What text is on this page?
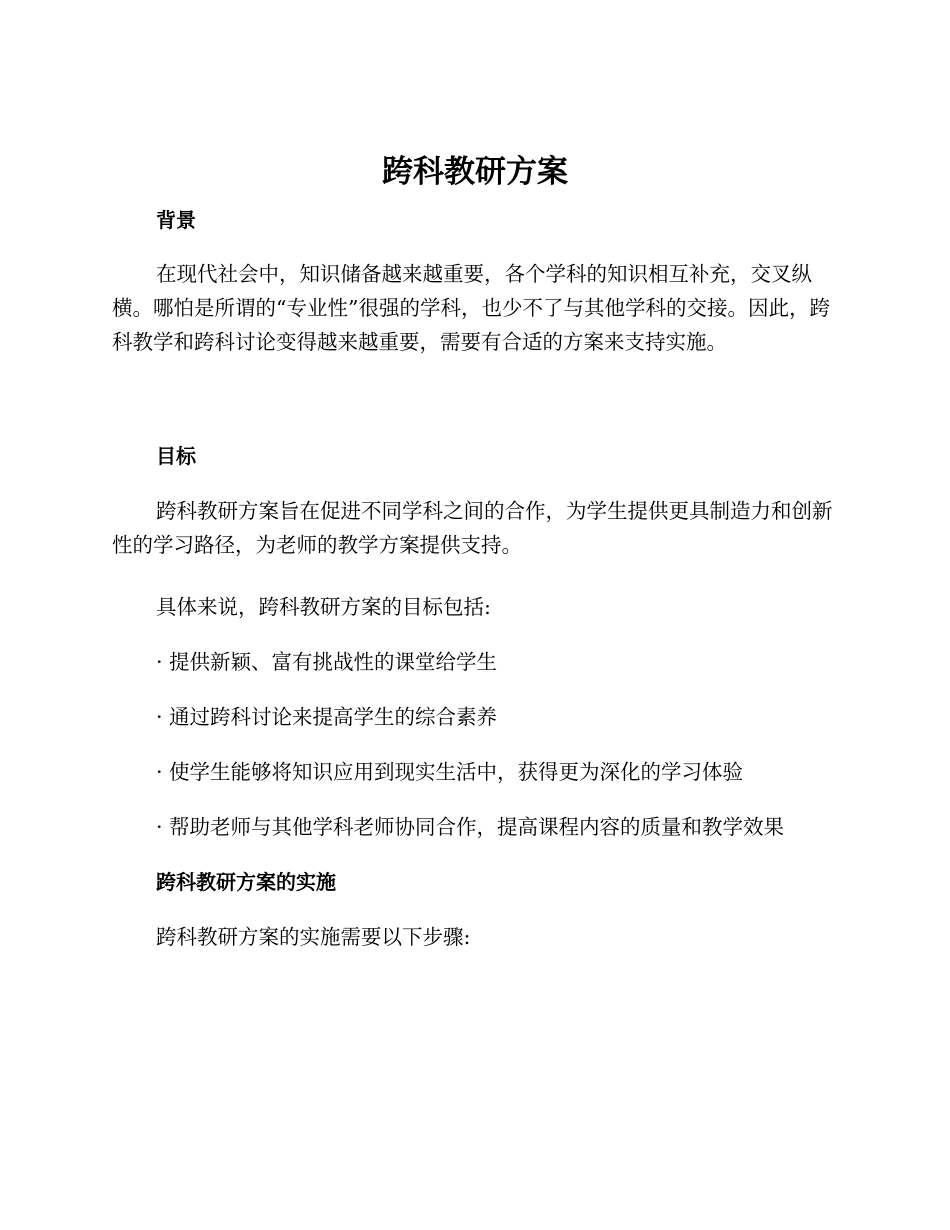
跨科教研方案
背景

在现代社会中，知识储备越来越重要，各个学科的知识相互补充，交叉纵横。哪怕是所谓的“专业性”很强的学科，也少不了与其他学科的交接。因此，跨科教学和跨科讨论变得越来越重要，需要有合适的方案来支持实施。

目标

跨科教研方案旨在促进不同学科之间的合作，为学生提供更具制造力和创新性的学习路径，为老师的教学方案提供支持。

具体来说，跨科教研方案的目标包括:

· 提供新颖、富有挑战性的课堂给学生

· 通过跨科讨论来提高学生的综合素养

· 使学生能够将知识应用到现实生活中，获得更为深化的学习体验

· 帮助老师与其他学科老师协同合作，提高课程内容的质量和教学效果

跨科教研方案的实施

跨科教研方案的实施需要以下步骤:
